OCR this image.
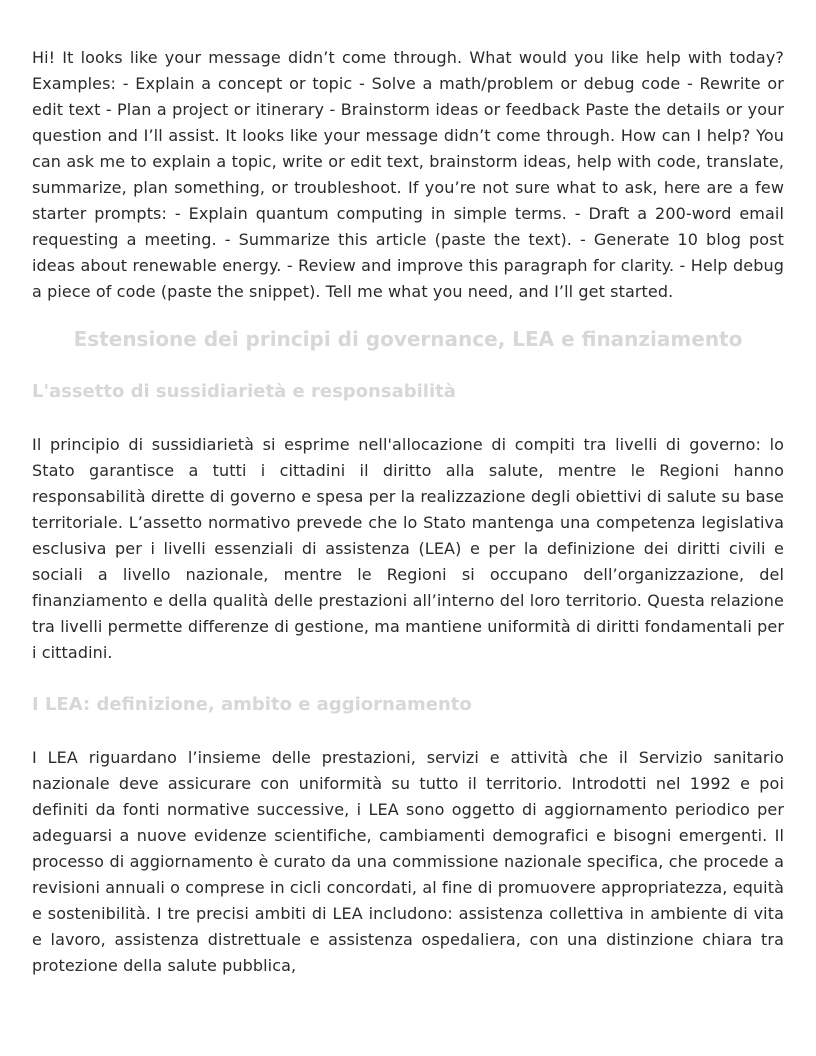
Hi! It looks like your message didn’t come through. What would you like help with today? Examples: - Explain a concept or topic - Solve a math/problem or debug code - Rewrite or edit text - Plan a project or itinerary - Brainstorm ideas or feedback Paste the details or your question and I’ll assist. It looks like your message didn’t come through. How can I help? You can ask me to explain a topic, write or edit text, brainstorm ideas, help with code, translate, summarize, plan something, or troubleshoot. If you’re not sure what to ask, here are a few starter prompts: - Explain quantum computing in simple terms. - Draft a 200-word email requesting a meeting. - Summarize this article (paste the text). - Generate 10 blog post ideas about renewable energy. - Review and improve this paragraph for clarity. - Help debug a piece of code (paste the snippet). Tell me what you need, and I’ll get started.

Estensione dei principi di governance, LEA e finanziamento
L'assetto di sussidiarietà e responsabilità

Il principio di sussidiarietà si esprime nell'allocazione di compiti tra livelli di governo: lo Stato garantisce a tutti i cittadini il diritto alla salute, mentre le Regioni hanno responsabilità dirette di governo e spesa per la realizzazione degli obiettivi di salute su base territoriale. L’assetto normativo prevede che lo Stato mantenga una competenza legislativa esclusiva per i livelli essenziali di assistenza (LEA) e per la definizione dei diritti civili e sociali a livello nazionale, mentre le Regioni si occupano dell’organizzazione, del finanziamento e della qualità delle prestazioni all’interno del loro territorio. Questa relazione tra livelli permette differenze di gestione, ma mantiene uniformità di diritti fondamentali per i cittadini.

I LEA: definizione, ambito e aggiornamento

I LEA riguardano l’insieme delle prestazioni, servizi e attività che il Servizio sanitario nazionale deve assicurare con uniformità su tutto il territorio. Introdotti nel 1992 e poi definiti da fonti normative successive, i LEA sono oggetto di aggiornamento periodico per adeguarsi a nuove evidenze scientifiche, cambiamenti demografici e bisogni emergenti. Il processo di aggiornamento è curato da una commissione nazionale specifica, che procede a revisioni annuali o comprese in cicli concordati, al fine di promuovere appropriatezza, equità e sostenibilità. I tre precisi ambiti di LEA includono: assistenza collettiva in ambiente di vita e lavoro, assistenza distrettuale e assistenza ospedaliera, con una distinzione chiara tra protezione della salute pubblica,
